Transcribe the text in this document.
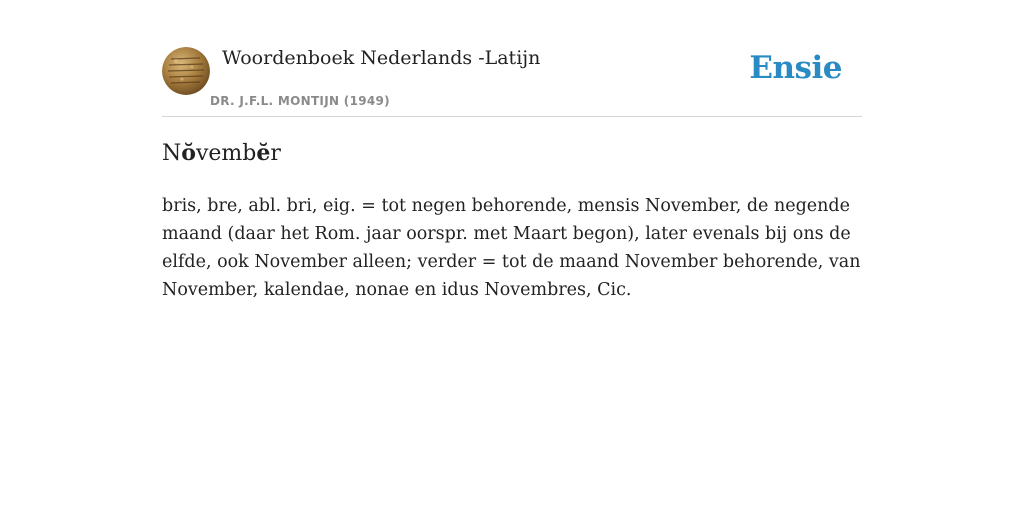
Woordenboek Nederlands -Latijn
DR. J.F.L. MONTIJN (1949)
Ensie
Nŏvembĕr
bris, bre, abl. bri, eig. = tot negen behorende, mensis November, de negende maand (daar het Rom. jaar oorspr. met Maart begon), later evenals bij ons de elfde, ook November alleen; verder = tot de maand November behorende, van November, kalendae, nonae en idus Novembres, Cic.
